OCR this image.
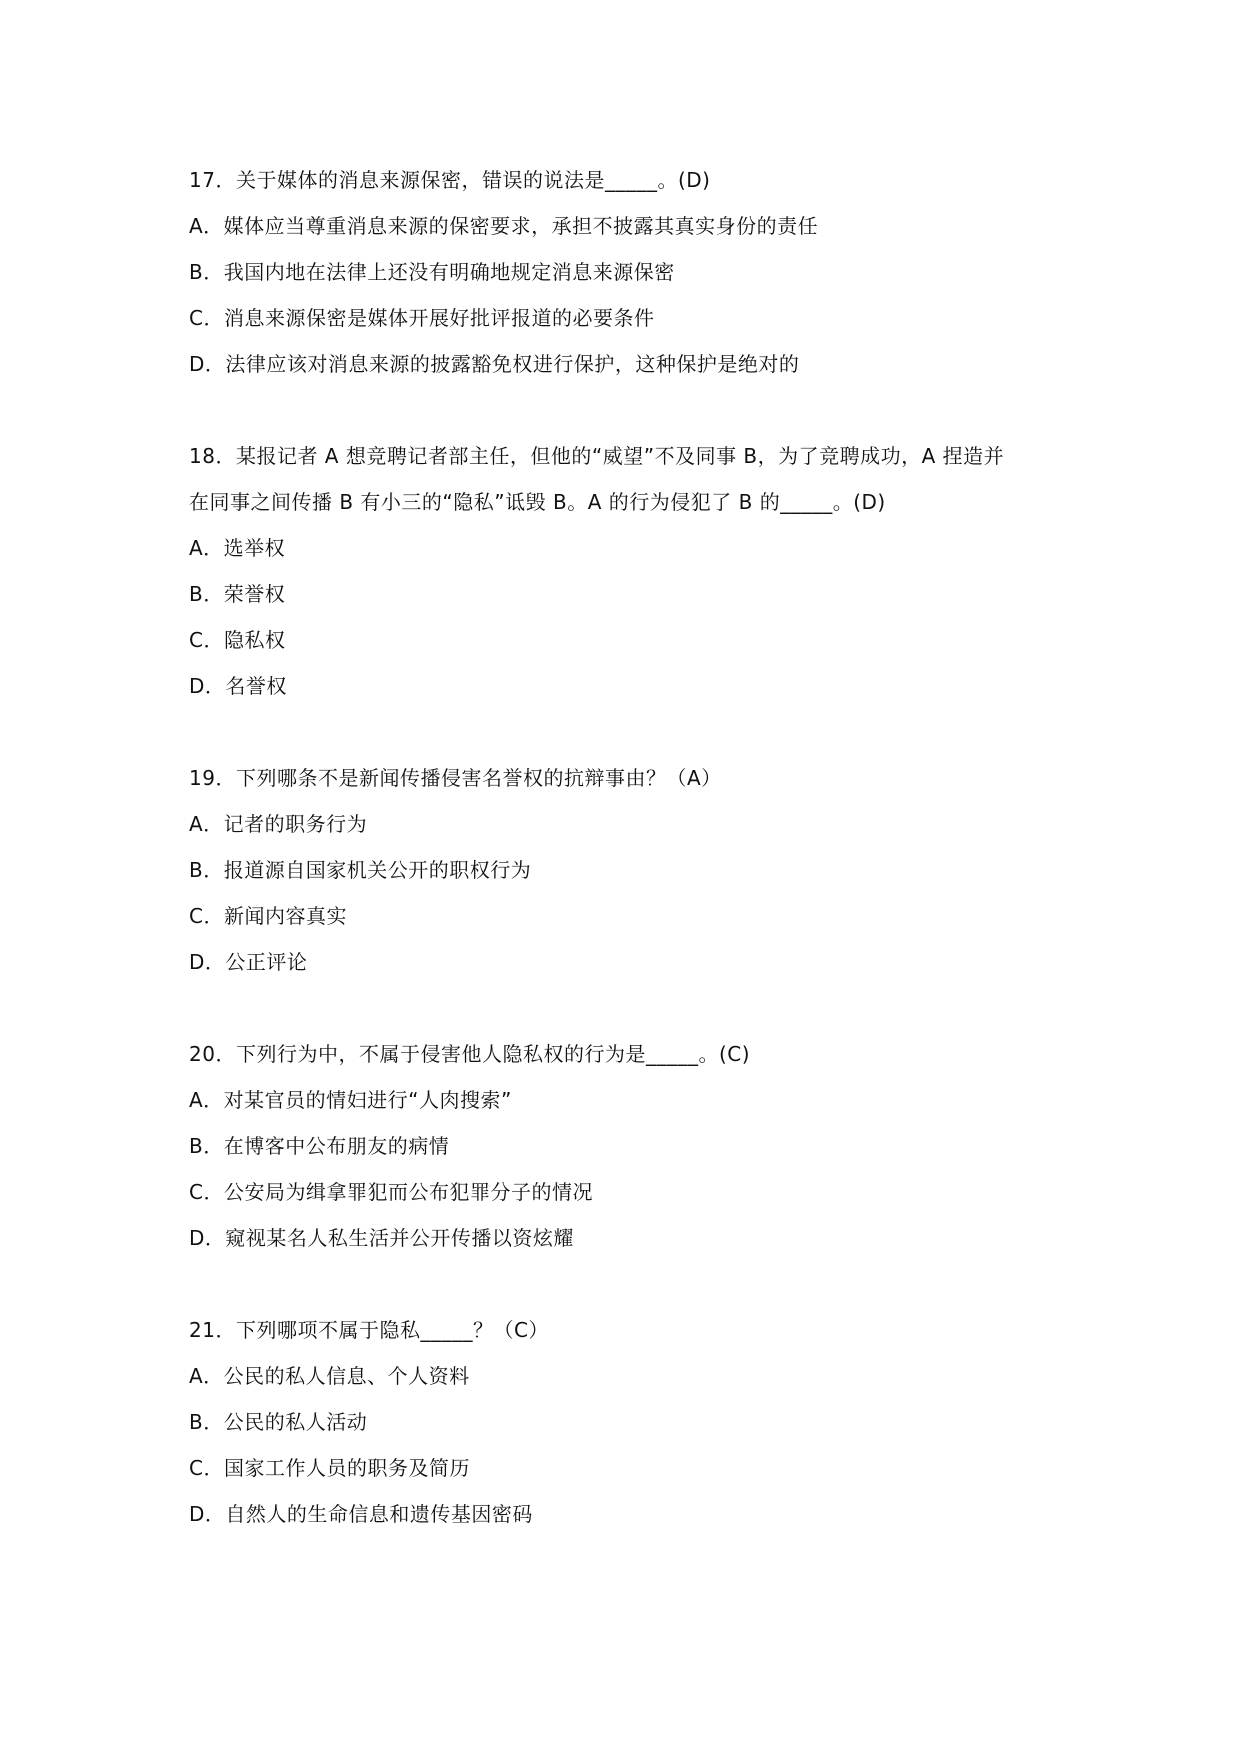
17．关于媒体的消息来源保密，错误的说法是_____。(D)
A．媒体应当尊重消息来源的保密要求，承担不披露其真实身份的责任
B．我国内地在法律上还没有明确地规定消息来源保密
C．消息来源保密是媒体开展好批评报道的必要条件
D．法律应该对消息来源的披露豁免权进行保护，这种保护是绝对的
18．某报记者 A 想竞聘记者部主任，但他的“威望”不及同事 B，为了竞聘成功，A 捏造并
在同事之间传播 B 有小三的“隐私”诋毁 B。A 的行为侵犯了 B 的_____。(D)
A．选举权
B．荣誉权
C．隐私权
D．名誉权
19．下列哪条不是新闻传播侵害名誉权的抗辩事由？（A）
A．记者的职务行为
B．报道源自国家机关公开的职权行为
C．新闻内容真实
D．公正评论
20．下列行为中，不属于侵害他人隐私权的行为是_____。(C)
A．对某官员的情妇进行“人肉搜索”
B．在博客中公布朋友的病情
C．公安局为缉拿罪犯而公布犯罪分子的情况
D．窥视某名人私生活并公开传播以资炫耀
21．下列哪项不属于隐私_____？（C）
A．公民的私人信息、个人资料
B．公民的私人活动
C．国家工作人员的职务及简历
D．自然人的生命信息和遗传基因密码
